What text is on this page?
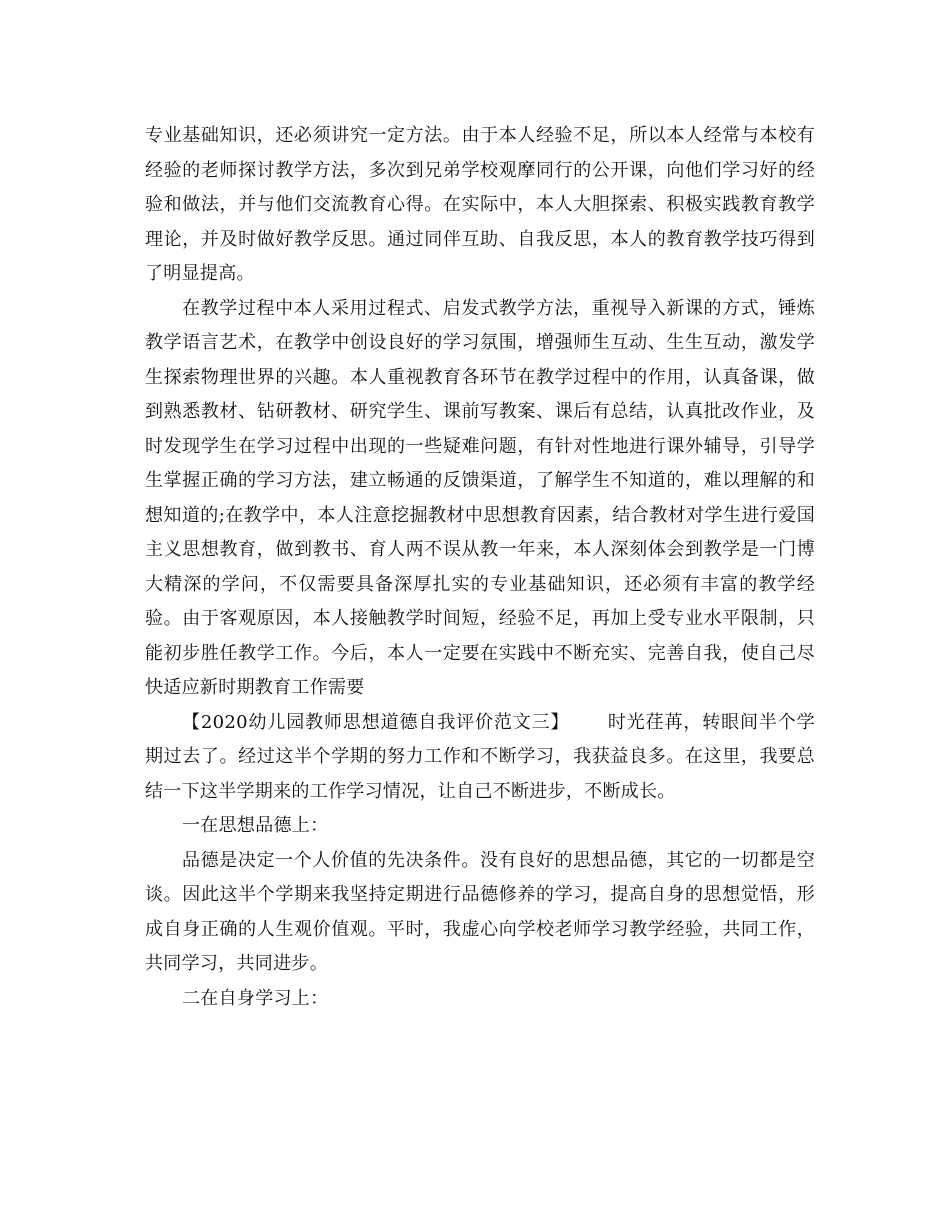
专业基础知识，还必须讲究一定方法。由于本人经验不足，所以本人经常与本校有经验的老师探讨教学方法，多次到兄弟学校观摩同行的公开课，向他们学习好的经验和做法，并与他们交流教育心得。在实际中，本人大胆探索、积极实践教育教学理论，并及时做好教学反思。通过同伴互助、自我反思，本人的教育教学技巧得到了明显提高。

在教学过程中本人采用过程式、启发式教学方法，重视导入新课的方式，锤炼教学语言艺术，在教学中创设良好的学习氛围，增强师生互动、生生互动，激发学生探索物理世界的兴趣。本人重视教育各环节在教学过程中的作用，认真备课，做到熟悉教材、钻研教材、研究学生、课前写教案、课后有总结，认真批改作业，及时发现学生在学习过程中出现的一些疑难问题，有针对性地进行课外辅导，引导学生掌握正确的学习方法，建立畅通的反馈渠道，了解学生不知道的，难以理解的和想知道的;在教学中，本人注意挖掘教材中思想教育因素，结合教材对学生进行爱国主义思想教育，做到教书、育人两不误从教一年来，本人深刻体会到教学是一门博大精深的学问，不仅需要具备深厚扎实的专业基础知识，还必须有丰富的教学经验。由于客观原因，本人接触教学时间短，经验不足，再加上受专业水平限制，只能初步胜任教学工作。今后，本人一定要在实践中不断充实、完善自我，使自己尽快适应新时期教育工作需要

【2020幼儿园教师思想道德自我评价范文三】 时光荏苒，转眼间半个学期过去了。经过这半个学期的努力工作和不断学习，我获益良多。在这里，我要总结一下这半学期来的工作学习情况，让自己不断进步，不断成长。

一在思想品德上：

品德是决定一个人价值的先决条件。没有良好的思想品德，其它的一切都是空谈。因此这半个学期来我坚持定期进行品德修养的学习，提高自身的思想觉悟，形成自身正确的人生观价值观。平时，我虚心向学校老师学习教学经验，共同工作，共同学习，共同进步。

二在自身学习上：
